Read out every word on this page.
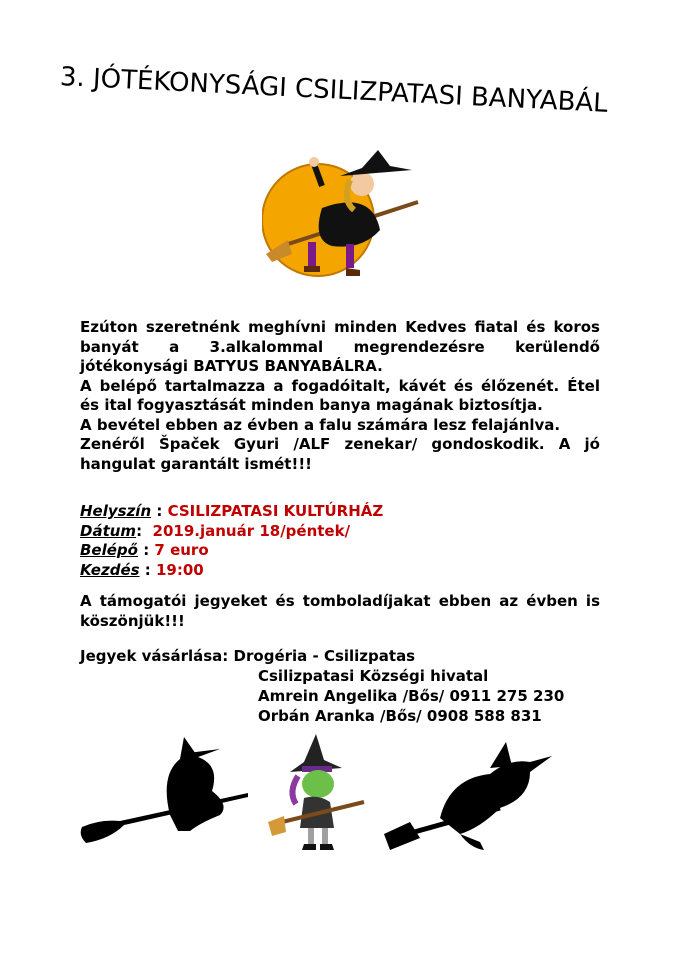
3. JÓTÉKONYSÁGI CSILIZPATASI BANYABÁL

Ezúton szeretnénk meghívni minden Kedves fiatal és koros banyát a 3.alkalommal megrendezésre kerülendő jótékonysági BATYUS BANYABÁLRA.

A belépő tartalmazza a fogadóitalt, kávét és élőzenét. Étel és ital fogyasztását minden banya magának biztosítja.

A bevétel ebben az évben a falu számára lesz felajánlva.

Zenéről Špaček Gyuri /ALF zenekar/ gondoskodik. A jó hangulat garantált ismét!!!

Helyszín : CSILIZPATASI KULTÚRHÁZ
Dátum:  2019.január 18/péntek/
Belépő : 7 euro
Kezdés : 19:00
A támogatói jegyeket és tomboladíjakat ebben az évben is köszönjük!!!
Jegyek vásárlása: Drogéria - Csilizpatas
Csilizpatasi Községi hivatal
Amrein Angelika /Bős/ 0911 275 230
Orbán Aranka /Bős/ 0908 588 831
